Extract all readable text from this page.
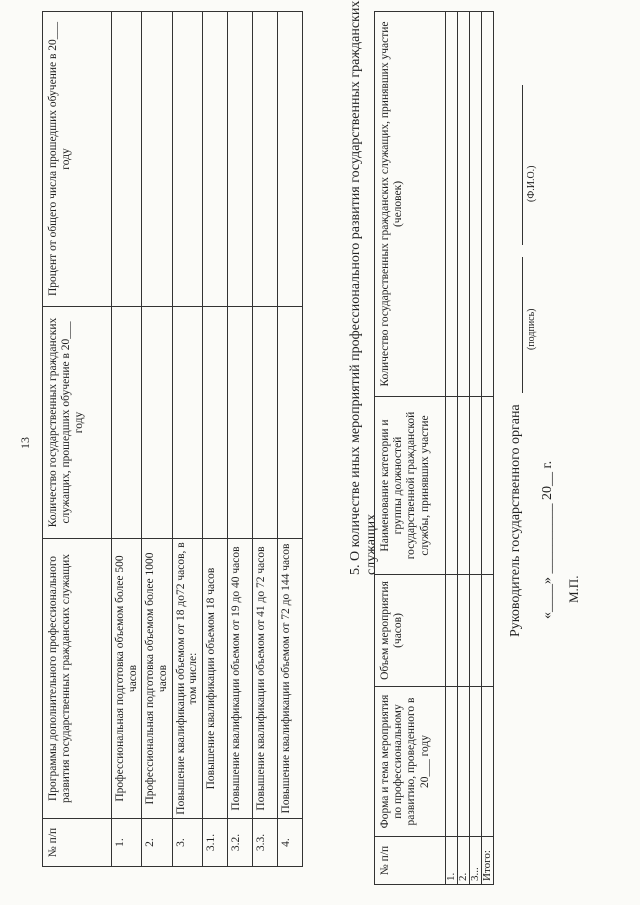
13
№ п/п	Программы дополнительного профессионального развития государственных гражданских служащих	Количество государственных гражданских служащих, прошедших обучение в 20___ году	Процент от общего числа прошедших обучение в 20___ году
1.	Профессиональная подготовка объемом более 500 часов		
2.	Профессиональная подготовка объемом более 1000 часов		
3.	Повышение квалификации объемом от 18 до72 часов, в том числе:		
3.1.	Повышение квалификации объемом 18 часов		
3.2.	Повышение квалификации объемом от 19 до 40 часов		
3.3.	Повышение квалификации объемом от 41 до 72 часов		
4.	Повышение квалификации объемом от 72 до 144 часов		
5. О количестве иных мероприятий профессионального развития государственных гражданских служащих
№ п/п	Форма и тема мероприятия по профессиональному развитию, проведенного в 20___ году	Объем мероприятия (часов)	Наименование категории и группы должностей государственной гражданской службы, принявших участие	Количество государственных гражданских служащих, принявших участие (человек)
1.				
2.				
3...				
Итого:				
Руководитель государственного органа
(подпись)
(Ф.И.О.)
«____» __________ 20__ г. М.П.
